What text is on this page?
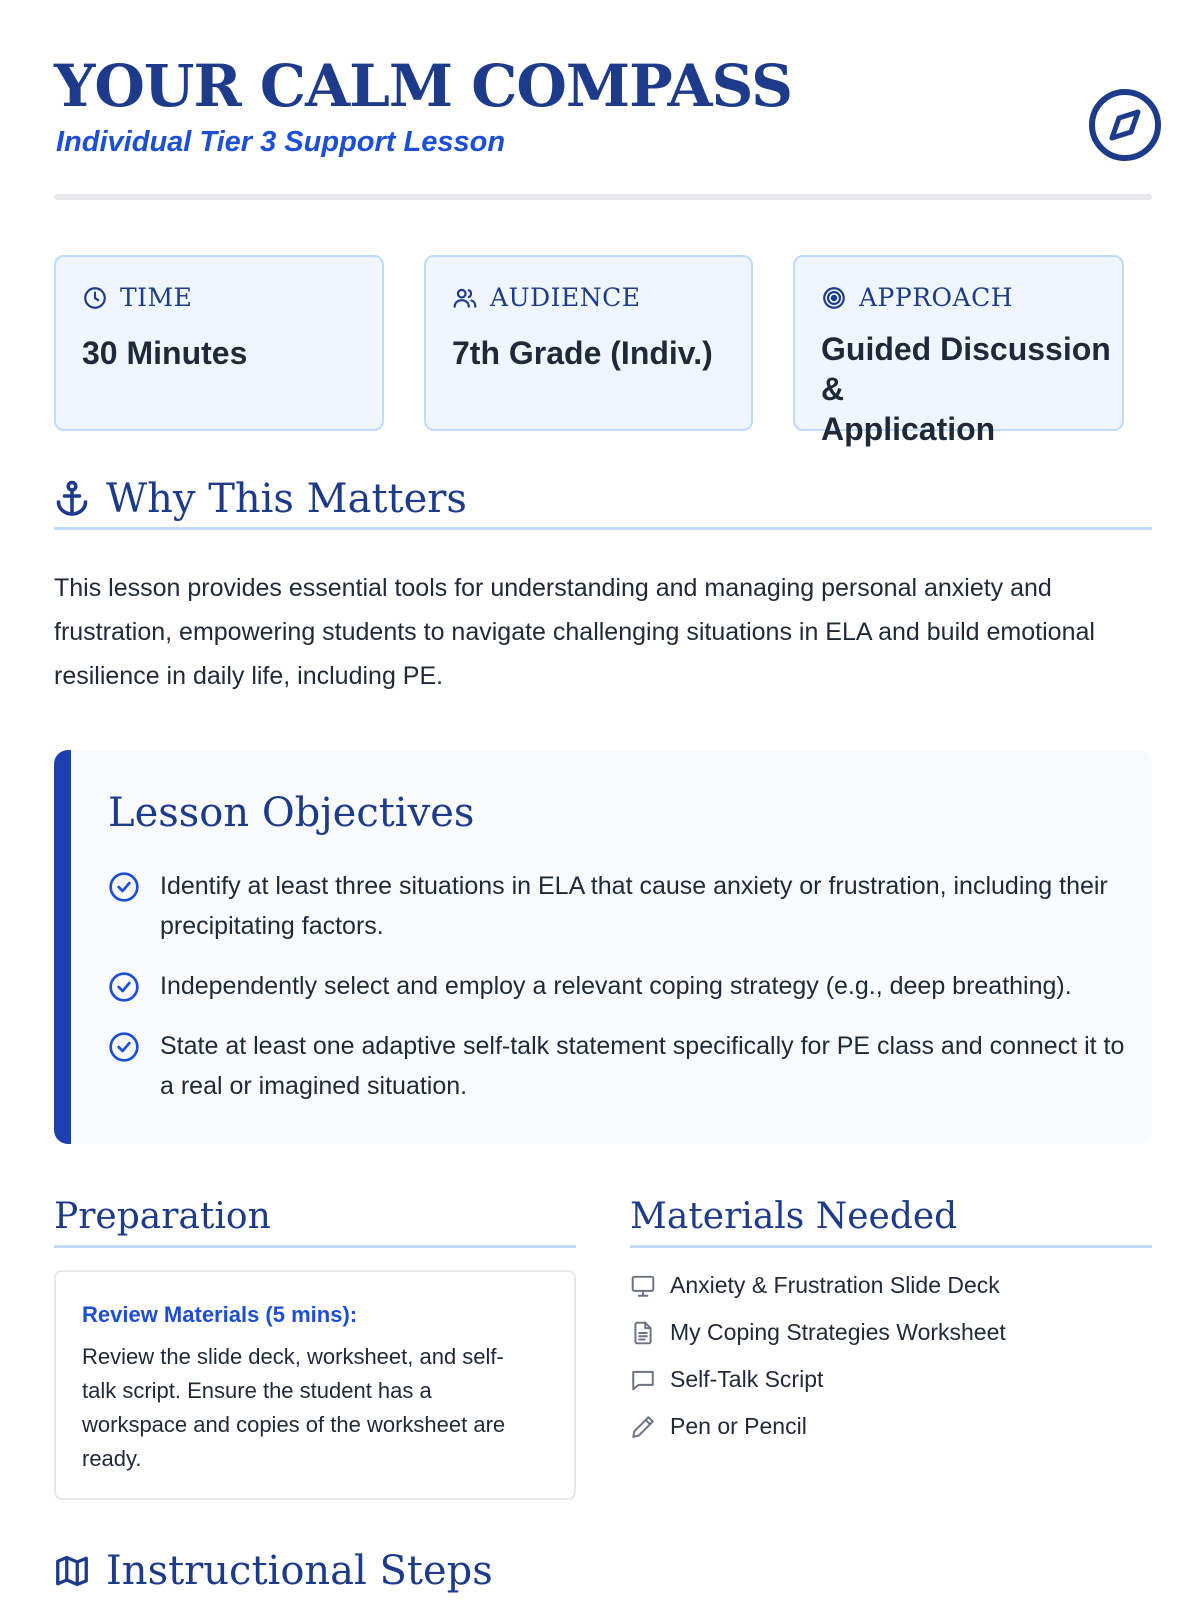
YOUR CALM COMPASS
Individual Tier 3 Support Lesson
TIME
30 Minutes
AUDIENCE
7th Grade (Indiv.)
APPROACH
Guided Discussion &
Application
Why This Matters
This lesson provides essential tools for understanding and managing personal anxiety and frustration, empowering students to navigate challenging situations in ELA and build emotional resilience in daily life, including PE.
Lesson Objectives
Identify at least three situations in ELA that cause anxiety or frustration, including their precipitating factors.
Independently select and employ a relevant coping strategy (e.g., deep breathing).
State at least one adaptive self-talk statement specifically for PE class and connect it to a real or imagined situation.
Preparation
Review Materials (5 mins):
Review the slide deck, worksheet, and self-talk script. Ensure the student has a workspace and copies of the worksheet are ready.
Materials Needed
Anxiety & Frustration Slide Deck
My Coping Strategies Worksheet
Self-Talk Script
Pen or Pencil
Instructional Steps
